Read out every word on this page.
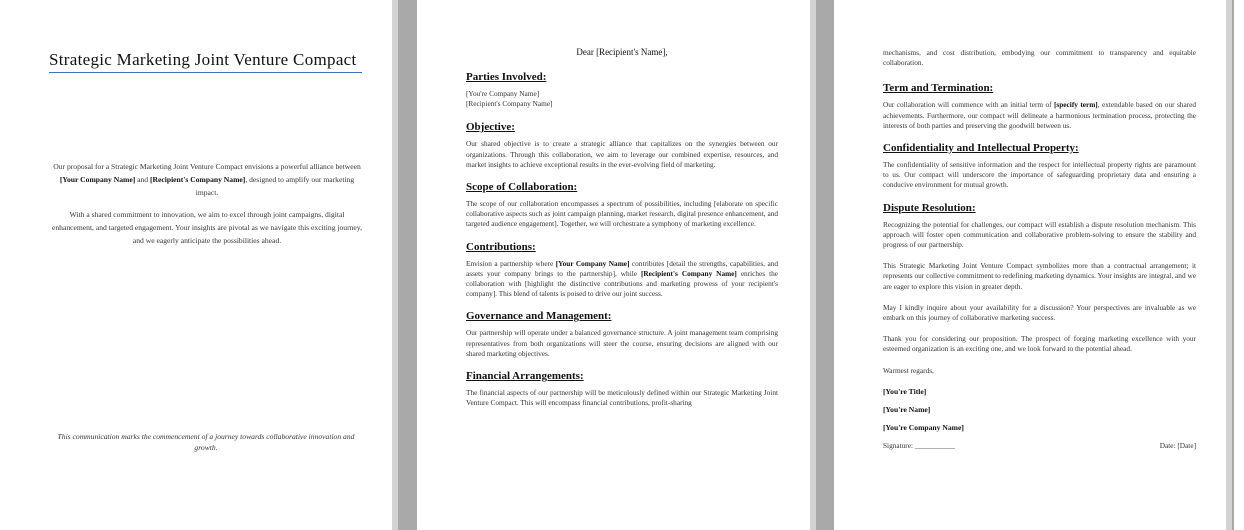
Strategic Marketing Joint Venture Compact
Our proposal for a Strategic Marketing Joint Venture Compact envisions a powerful alliance between [Your Company Name] and [Recipient's Company Name], designed to amplify our marketing impact.
With a shared commitment to innovation, we aim to excel through joint campaigns, digital enhancement, and targeted engagement. Your insights are pivotal as we navigate this exciting journey, and we eagerly anticipate the possibilities ahead.
This communication marks the commencement of a journey towards collaborative innovation and growth.
Dear [Recipient's Name],
Parties Involved:
[You're Company Name]
[Recipient's Company Name]
Objective:
Our shared objective is to create a strategic alliance that capitalizes on the synergies between our organizations. Through this collaboration, we aim to leverage our combined expertise, resources, and market insights to achieve exceptional results in the ever-evolving field of marketing.
Scope of Collaboration:
The scope of our collaboration encompasses a spectrum of possibilities, including [elaborate on specific collaborative aspects such as joint campaign planning, market research, digital presence enhancement, and targeted audience engagement]. Together, we will orchestrate a symphony of marketing excellence.
Contributions:
Envision a partnership where [Your Company Name] contributes [detail the strengths, capabilities, and assets your company brings to the partnership], while [Recipient's Company Name] enriches the collaboration with [highlight the distinctive contributions and marketing prowess of your recipient's company]. This blend of talents is poised to drive our joint success.
Governance and Management:
Our partnership will operate under a balanced governance structure. A joint management team comprising representatives from both organizations will steer the course, ensuring decisions are aligned with our shared marketing objectives.
Financial Arrangements:
The financial aspects of our partnership will be meticulously defined within our Strategic Marketing Joint Venture Compact. This will encompass financial contributions, profit-sharing
mechanisms, and cost distribution, embodying our commitment to transparency and equitable collaboration.
Term and Termination:
Our collaboration will commence with an initial term of [specify term], extendable based on our shared achievements. Furthermore, our compact will delineate a harmonious termination process, protecting the interests of both parties and preserving the goodwill between us.
Confidentiality and Intellectual Property:
The confidentiality of sensitive information and the respect for intellectual property rights are paramount to us. Our compact will underscore the importance of safeguarding proprietary data and ensuring a conducive environment for mutual growth.
Dispute Resolution:
Recognizing the potential for challenges, our compact will establish a dispute resolution mechanism. This approach will foster open communication and collaborative problem-solving to ensure the stability and progress of our partnership.
This Strategic Marketing Joint Venture Compact symbolizes more than a contractual arrangement; it represents our collective commitment to redefining marketing dynamics. Your insights are integral, and we are eager to explore this vision in greater depth.
May I kindly inquire about your availability for a discussion? Your perspectives are invaluable as we embark on this journey of collaborative marketing success.
Thank you for considering our proposition. The prospect of forging marketing excellence with your esteemed organization is an exciting one, and we look forward to the potential ahead.
Warmest regards,
[You're Title]
[You're Name]
[You're Company Name]
Signature: ___________	Date: [Date]
